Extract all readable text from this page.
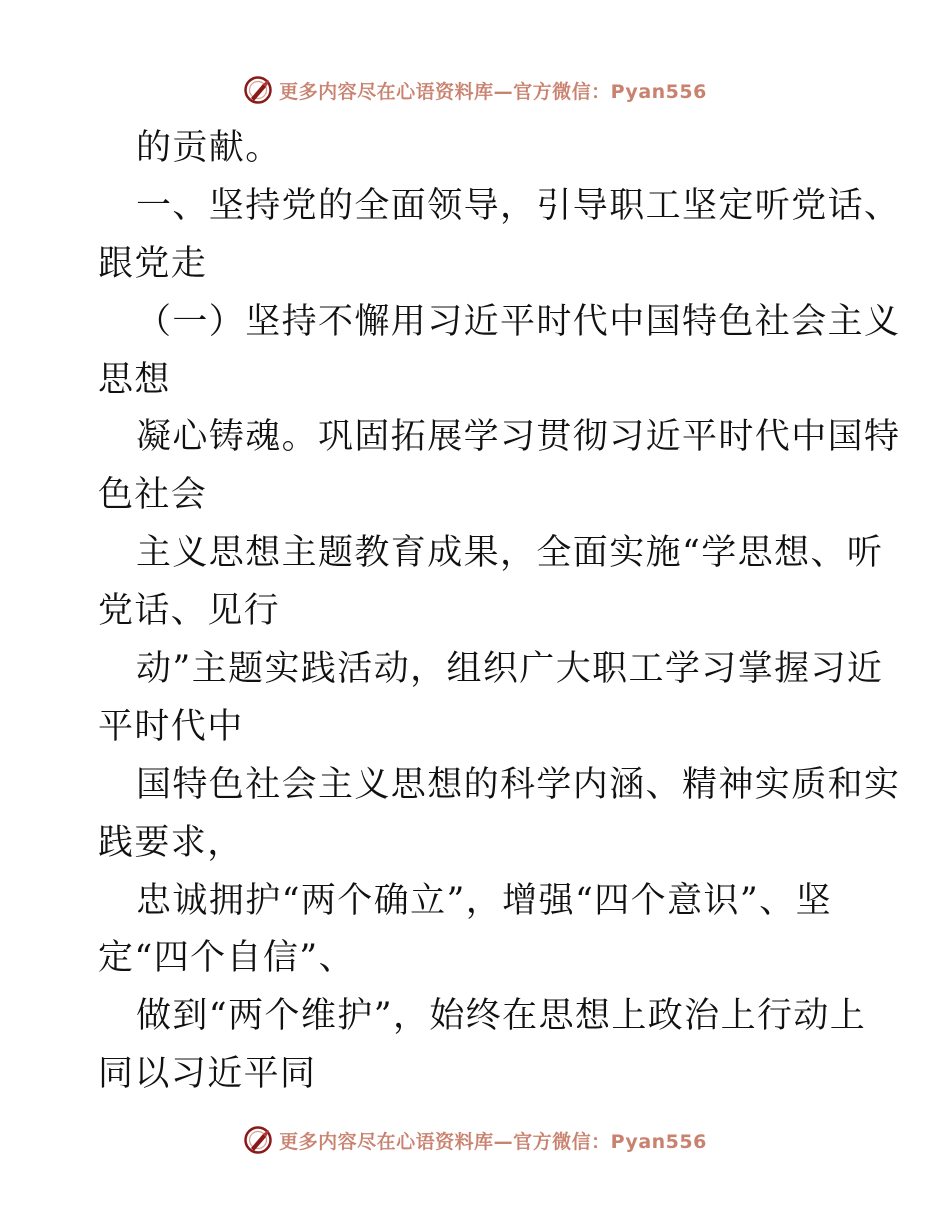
更多内容尽在心语资料库—官方微信：Pyan556
的贡献。
一、坚持党的全面领导，引导职工坚定听党话、
跟党走
（一）坚持不懈用习近平时代中国特色社会主义
思想
凝心铸魂。巩固拓展学习贯彻习近平时代中国特
色社会
主义思想主题教育成果，全面实施“学思想、听
党话、见行
动”主题实践活动，组织广大职工学习掌握习近
平时代中
国特色社会主义思想的科学内涵、精神实质和实
践要求，
忠诚拥护“两个确立”，增强“四个意识”、坚
定“四个自信”、
做到“两个维护”，始终在思想上政治上行动上
同以习近平同
更多内容尽在心语资料库—官方微信：Pyan556
